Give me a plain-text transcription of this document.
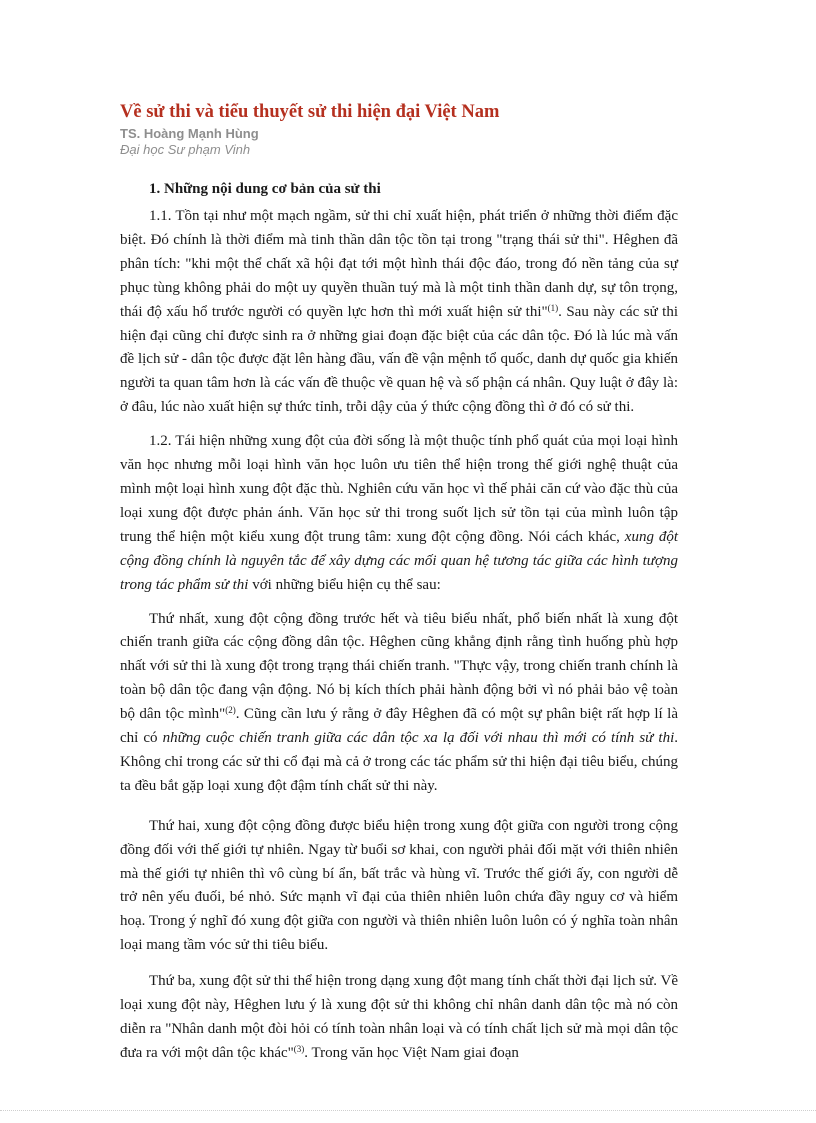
Về sử thi và tiểu thuyết sử thi hiện đại Việt Nam
TS. Hoàng Mạnh Hùng
Đại học Sư phạm Vinh
1. Những nội dung cơ bản của sử thi

1.1. Tồn tại như một mạch ngầm, sử thi chỉ xuất hiện, phát triển ở những thời điểm đặc biệt. Đó chính là thời điểm mà tinh thần dân tộc tồn tại trong "trạng thái sử thi". Hêghen đã phân tích: "khi một thể chất xã hội đạt tới một hình thái độc đáo, trong đó nền tảng của sự phục tùng không phải do một uy quyền thuần tuý mà là một tinh thần danh dự, sự tôn trọng, thái độ xấu hổ trước người có quyền lực hơn thì mới xuất hiện sử thi"$^{(1)}$. Sau này các sử thi hiện đại cũng chỉ được sinh ra ở những giai đoạn đặc biệt của các dân tộc. Đó là lúc mà vấn đề lịch sử - dân tộc được đặt lên hàng đầu, vấn đề vận mệnh tổ quốc, danh dự quốc gia khiến người ta quan tâm hơn là các vấn đề thuộc về quan hệ và số phận cá nhân. Quy luật ở đây là: ở đâu, lúc nào xuất hiện sự thức tỉnh, trỗi dậy của ý thức cộng đồng thì ở đó có sử thi.

1.2. Tái hiện những xung đột của đời sống là một thuộc tính phổ quát của mọi loại hình văn học nhưng mỗi loại hình văn học luôn ưu tiên thể hiện trong thế giới nghệ thuật của mình một loại hình xung đột đặc thù. Nghiên cứu văn học vì thế phải căn cứ vào đặc thù của loại xung đột được phản ánh. Văn học sử thi trong suốt lịch sử tồn tại của mình luôn tập trung thể hiện một kiểu xung đột trung tâm: xung đột cộng đồng. Nói cách khác, xung đột cộng đồng chính là nguyên tắc để xây dựng các mối quan hệ tương tác giữa các hình tượng trong tác phẩm sử thi với những biểu hiện cụ thể sau:

Thứ nhất, xung đột cộng đồng trước hết và tiêu biểu nhất, phổ biến nhất là xung đột chiến tranh giữa các cộng đồng dân tộc. Hêghen cũng khẳng định rằng tình huống phù hợp nhất với sử thi là xung đột trong trạng thái chiến tranh. "Thực vậy, trong chiến tranh chính là toàn bộ dân tộc đang vận động. Nó bị kích thích phải hành động bởi vì nó phải bảo vệ toàn bộ dân tộc mình"$^{(2)}$. Cũng cần lưu ý rằng ở đây Hêghen đã có một sự phân biệt rất hợp lí là chỉ có những cuộc chiến tranh giữa các dân tộc xa lạ đối với nhau thì mới có tính sử thi. Không chỉ trong các sử thi cổ đại mà cả ở trong các tác phẩm sử thi hiện đại tiêu biểu, chúng ta đều bắt gặp loại xung đột đậm tính chất sử thi này.

Thứ hai, xung đột cộng đồng được biểu hiện trong xung đột giữa con người trong cộng đồng đối với thế giới tự nhiên. Ngay từ buổi sơ khai, con người phải đối mặt với thiên nhiên mà thế giới tự nhiên thì vô cùng bí ẩn, bất trắc và hùng vĩ. Trước thế giới ấy, con người dễ trở nên yếu đuối, bé nhỏ. Sức mạnh vĩ đại của thiên nhiên luôn chứa đầy nguy cơ và hiểm hoạ. Trong ý nghĩ đó xung đột giữa con người và thiên nhiên luôn luôn có ý nghĩa toàn nhân loại mang tầm vóc sử thi tiêu biểu.

Thứ ba, xung đột sử thi thể hiện trong dạng xung đột mang tính chất thời đại lịch sử. Về loại xung đột này, Hêghen lưu ý là xung đột sử thi không chỉ nhân danh dân tộc mà nó còn diễn ra "Nhân danh một đòi hỏi có tính toàn nhân loại và có tính chất lịch sử mà mọi dân tộc đưa ra với một dân tộc khác"$^{(3)}$. Trong văn học Việt Nam giai đoạn
